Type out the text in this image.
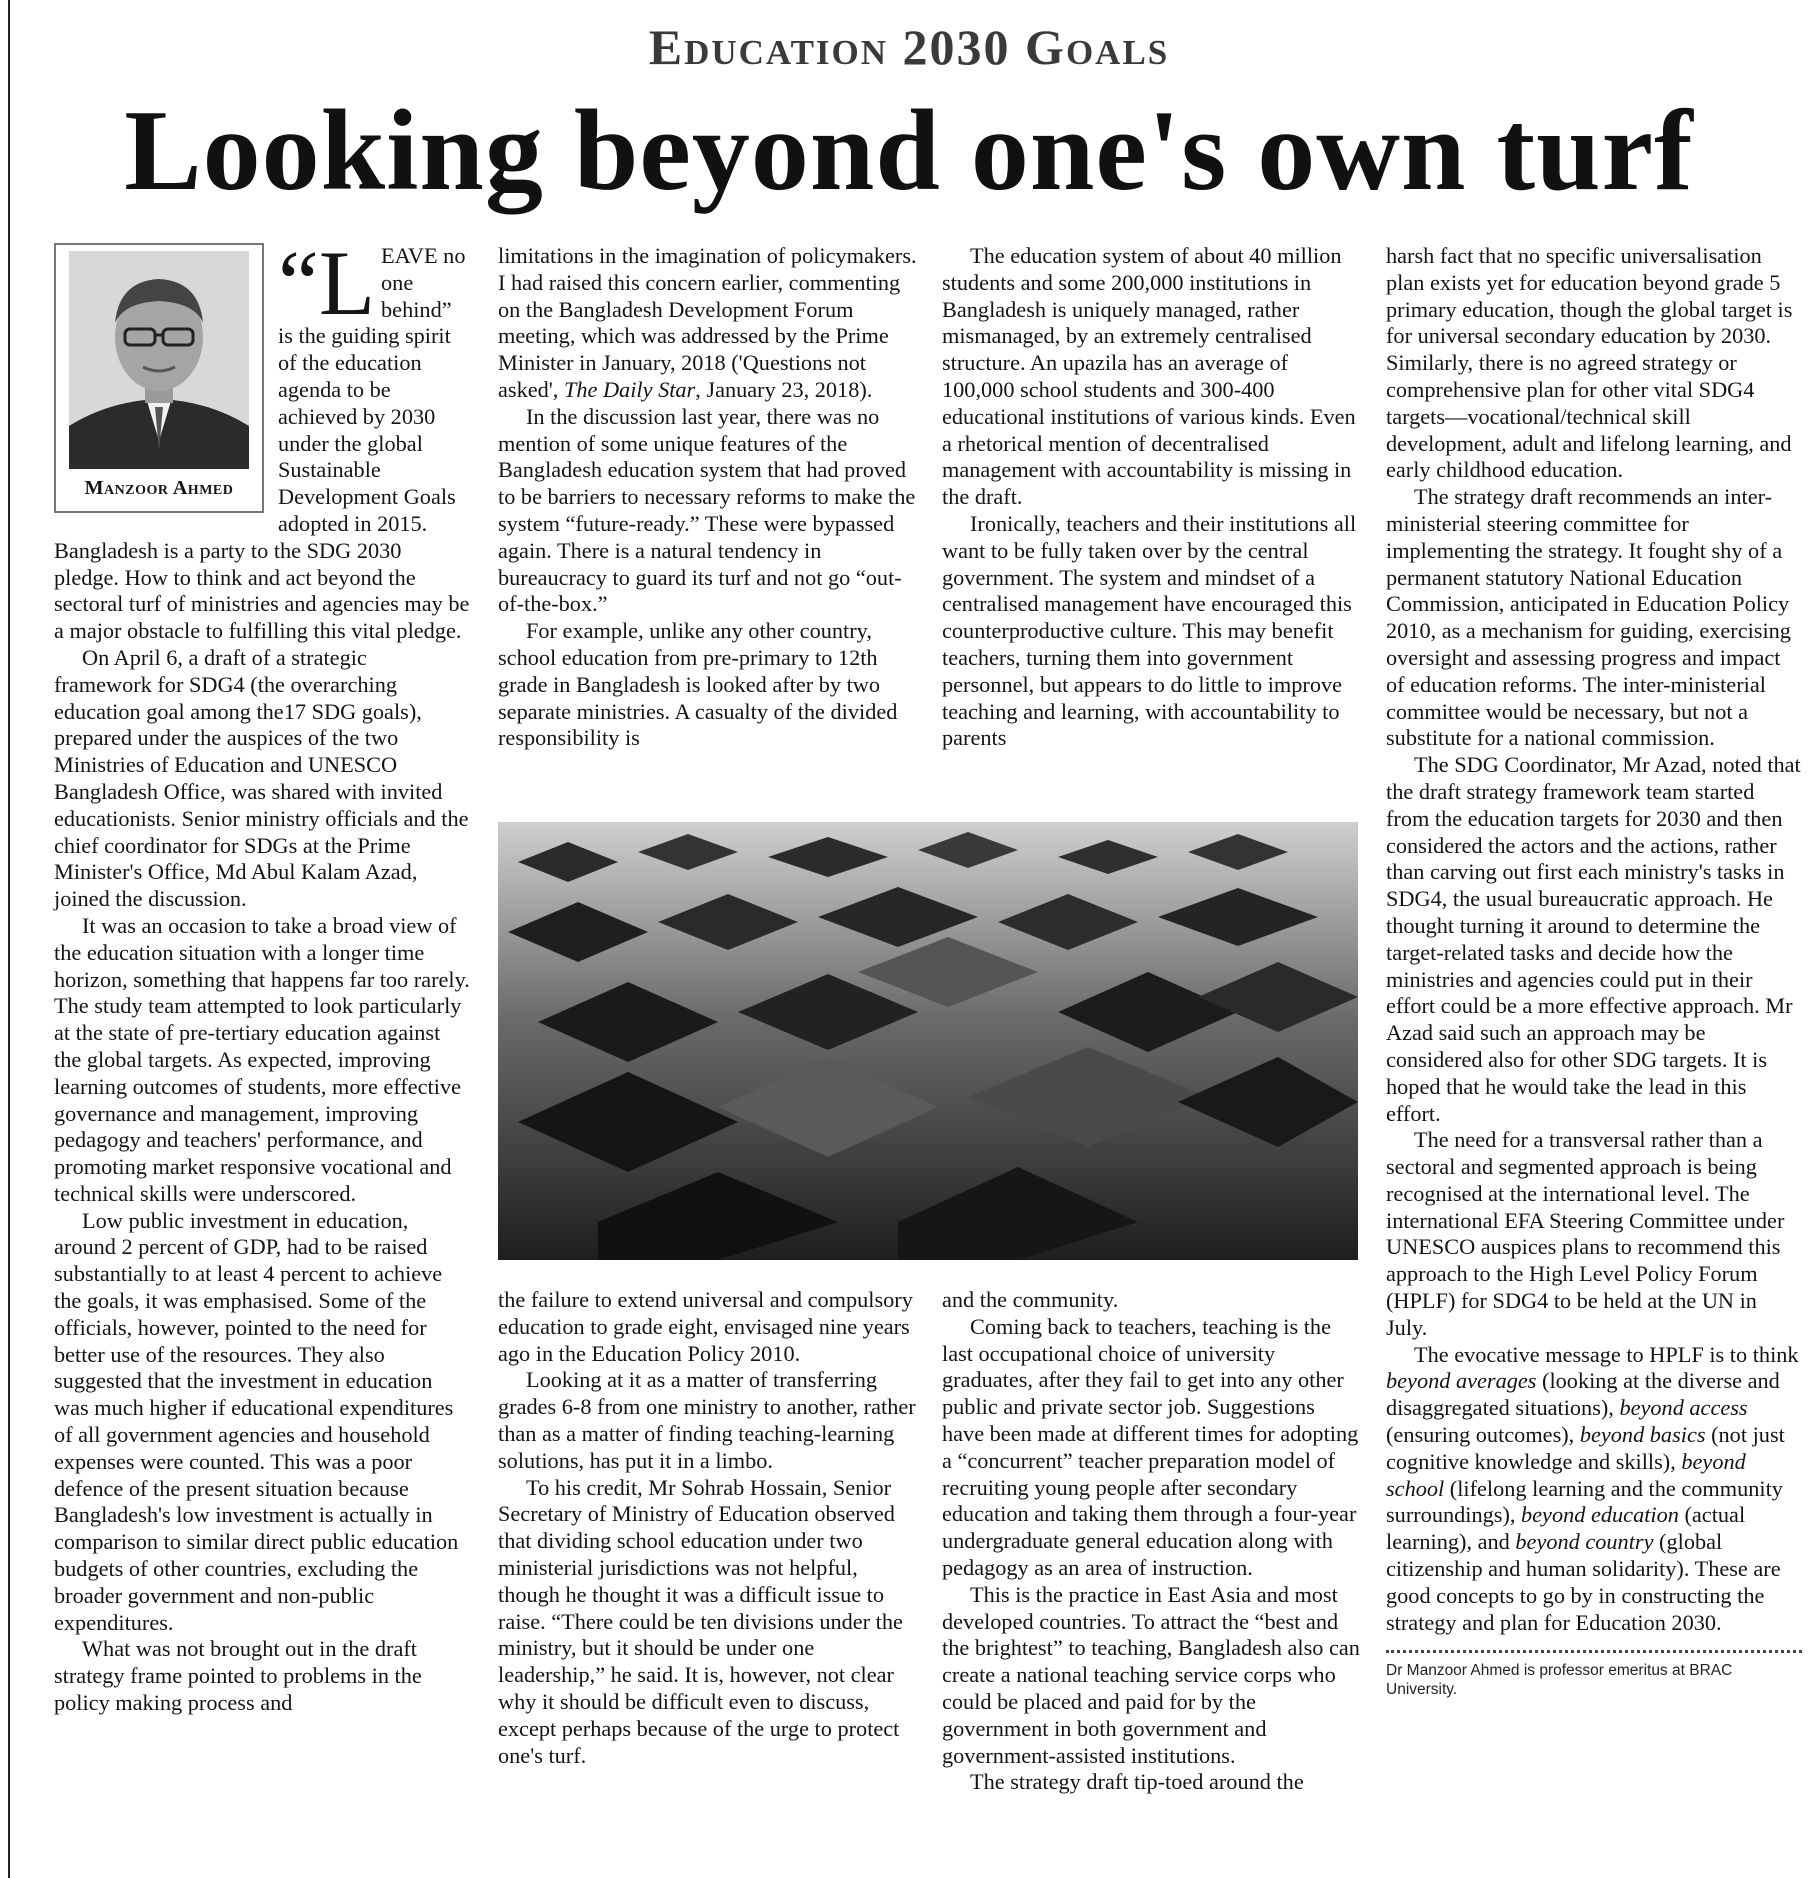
Education 2030 Goals
Looking beyond one's own turf
Manzoor Ahmed

“LEAVE no one behind” is the guiding spirit of the education agenda to be achieved by 2030 under the global Sustainable Development Goals adopted in 2015. Bangladesh is a party to the SDG 2030 pledge. How to think and act beyond the sectoral turf of ministries and agencies may be a major obstacle to fulfilling this vital pledge.

On April 6, a draft of a strategic framework for SDG4 (the overarching education goal among the17 SDG goals), prepared under the auspices of the two Ministries of Education and UNESCO Bangladesh Office, was shared with invited educationists. Senior ministry officials and the chief coordinator for SDGs at the Prime Minister's Office, Md Abul Kalam Azad, joined the discussion.

It was an occasion to take a broad view of the education situation with a longer time horizon, something that happens far too rarely. The study team attempted to look particularly at the state of pre-tertiary education against the global targets. As expected, improving learning outcomes of students, more effective governance and management, improving pedagogy and teachers' performance, and promoting market responsive vocational and technical skills were underscored.

Low public investment in education, around 2 percent of GDP, had to be raised substantially to at least 4 percent to achieve the goals, it was emphasised. Some of the officials, however, pointed to the need for better use of the resources. They also suggested that the investment in education was much higher if educational expenditures of all government agencies and household expenses were counted. This was a poor defence of the present situation because Bangladesh's low investment is actually in comparison to similar direct public education budgets of other countries, excluding the broader government and non-public expenditures.

What was not brought out in the draft strategy frame pointed to problems in the policy making process and

limitations in the imagination of policymakers. I had raised this concern earlier, commenting on the Bangladesh Development Forum meeting, which was addressed by the Prime Minister in January, 2018 ('Questions not asked', The Daily Star, January 23, 2018).

In the discussion last year, there was no mention of some unique features of the Bangladesh education system that had proved to be barriers to necessary reforms to make the system “future-ready.” These were bypassed again. There is a natural tendency in bureaucracy to guard its turf and not go “out-of-the-box.”

For example, unlike any other country, school education from pre-primary to 12th grade in Bangladesh is looked after by two separate ministries. A casualty of the divided responsibility is

The education system of about 40 million students and some 200,000 institutions in Bangladesh is uniquely managed, rather mismanaged, by an extremely centralised structure. An upazila has an average of 100,000 school students and 300-400 educational institutions of various kinds. Even a rhetorical mention of decentralised management with accountability is missing in the draft.

Ironically, teachers and their institutions all want to be fully taken over by the central government. The system and mindset of a centralised management have encouraged this counterproductive culture. This may benefit teachers, turning them into government personnel, but appears to do little to improve teaching and learning, with accountability to parents

the failure to extend universal and compulsory education to grade eight, envisaged nine years ago in the Education Policy 2010.

Looking at it as a matter of transferring grades 6-8 from one ministry to another, rather than as a matter of finding teaching-learning solutions, has put it in a limbo.

To his credit, Mr Sohrab Hossain, Senior Secretary of Ministry of Education observed that dividing school education under two ministerial jurisdictions was not helpful, though he thought it was a difficult issue to raise. “There could be ten divisions under the ministry, but it should be under one leadership,” he said. It is, however, not clear why it should be difficult even to discuss, except perhaps because of the urge to protect one's turf.

and the community.

Coming back to teachers, teaching is the last occupational choice of university graduates, after they fail to get into any other public and private sector job. Suggestions have been made at different times for adopting a “concurrent” teacher preparation model of recruiting young people after secondary education and taking them through a four-year undergraduate general education along with pedagogy as an area of instruction.

This is the practice in East Asia and most developed countries. To attract the “best and the brightest” to teaching, Bangladesh also can create a national teaching service corps who could be placed and paid for by the government in both government and government-assisted institutions.

The strategy draft tip-toed around the

harsh fact that no specific universalisation plan exists yet for education beyond grade 5 primary education, though the global target is for universal secondary education by 2030. Similarly, there is no agreed strategy or comprehensive plan for other vital SDG4 targets—vocational/technical skill development, adult and lifelong learning, and early childhood education.

The strategy draft recommends an inter-ministerial steering committee for implementing the strategy. It fought shy of a permanent statutory National Education Commission, anticipated in Education Policy 2010, as a mechanism for guiding, exercising oversight and assessing progress and impact of education reforms. The inter-ministerial committee would be necessary, but not a substitute for a national commission.

The SDG Coordinator, Mr Azad, noted that the draft strategy framework team started from the education targets for 2030 and then considered the actors and the actions, rather than carving out first each ministry's tasks in SDG4, the usual bureaucratic approach. He thought turning it around to determine the target-related tasks and decide how the ministries and agencies could put in their effort could be a more effective approach. Mr Azad said such an approach may be considered also for other SDG targets. It is hoped that he would take the lead in this effort.

The need for a transversal rather than a sectoral and segmented approach is being recognised at the international level. The international EFA Steering Committee under UNESCO auspices plans to recommend this approach to the High Level Policy Forum (HPLF) for SDG4 to be held at the UN in July.

The evocative message to HPLF is to think beyond averages (looking at the diverse and disaggregated situations), beyond access (ensuring outcomes), beyond basics (not just cognitive knowledge and skills), beyond school (lifelong learning and the community surroundings), beyond education (actual learning), and beyond country (global citizenship and human solidarity). These are good concepts to go by in constructing the strategy and plan for Education 2030.

Dr Manzoor Ahmed is professor emeritus at BRAC University.
